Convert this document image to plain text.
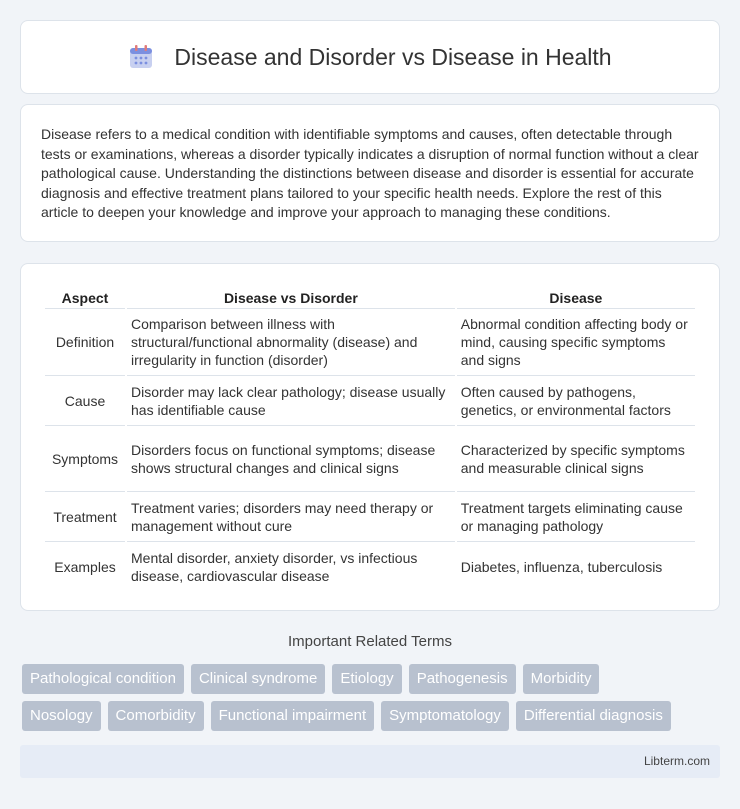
Disease and Disorder vs Disease in Health

Disease refers to a medical condition with identifiable symptoms and causes, often detectable through tests or examinations, whereas a disorder typically indicates a disruption of normal function without a clear pathological cause. Understanding the distinctions between disease and disorder is essential for accurate diagnosis and effective treatment plans tailored to your specific health needs. Explore the rest of this article to deepen your knowledge and improve your approach to managing these conditions.

Aspect	Disease vs Disorder	Disease
Definition	Comparison between illness with structural/functional abnormality (disease) and irregularity in function (disorder)	Abnormal condition affecting body or mind, causing specific symptoms and signs
Cause	Disorder may lack clear pathology; disease usually has identifiable cause	Often caused by pathogens, genetics, or environmental factors
Symptoms	Disorders focus on functional symptoms; disease shows structural changes and clinical signs	Characterized by specific symptoms and measurable clinical signs
Treatment	Treatment varies; disorders may need therapy or management without cure	Treatment targets eliminating cause or managing pathology
Examples	Mental disorder, anxiety disorder, vs infectious disease, cardiovascular disease	Diabetes, influenza, tuberculosis
Important Related Terms
Pathological condition	Clinical syndrome	Etiology	Pathogenesis	Morbidity
Nosology	Comorbidity	Functional impairment	Symptomatology	Differential diagnosis
Libterm.com
